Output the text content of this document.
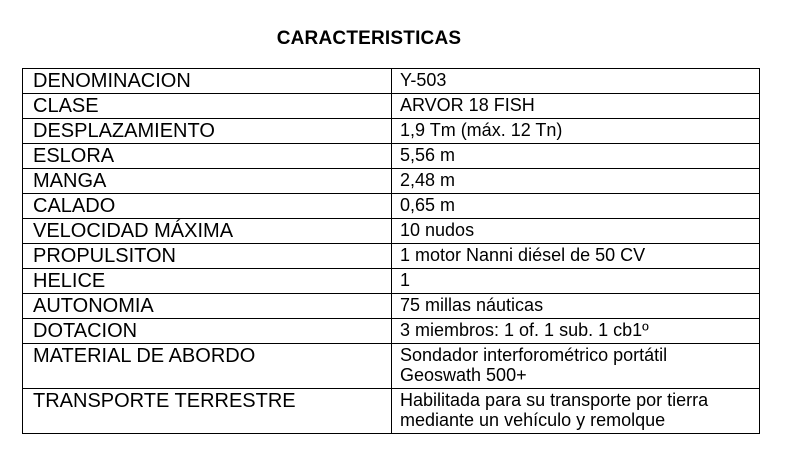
CARACTERISTICAS
DENOMINACION	Y-503
CLASE	ARVOR 18 FISH
DESPLAZAMIENTO	1,9 Tm (máx. 12 Tn)
ESLORA	5,56 m
MANGA	2,48 m
CALADO	0,65 m
VELOCIDAD MÁXIMA	10 nudos
PROPULSITON	1 motor Nanni diésel de 50 CV
HELICE	1
AUTONOMIA	75 millas náuticas
DOTACION	3 miembros: 1 of. 1 sub. 1 cb1º
MATERIAL DE ABORDO	Sondador interforométrico portátil
Geoswath 500+

TRANSPORTE TERRESTRE	Habilitada para su transporte por tierra
mediante un vehículo y remolque
